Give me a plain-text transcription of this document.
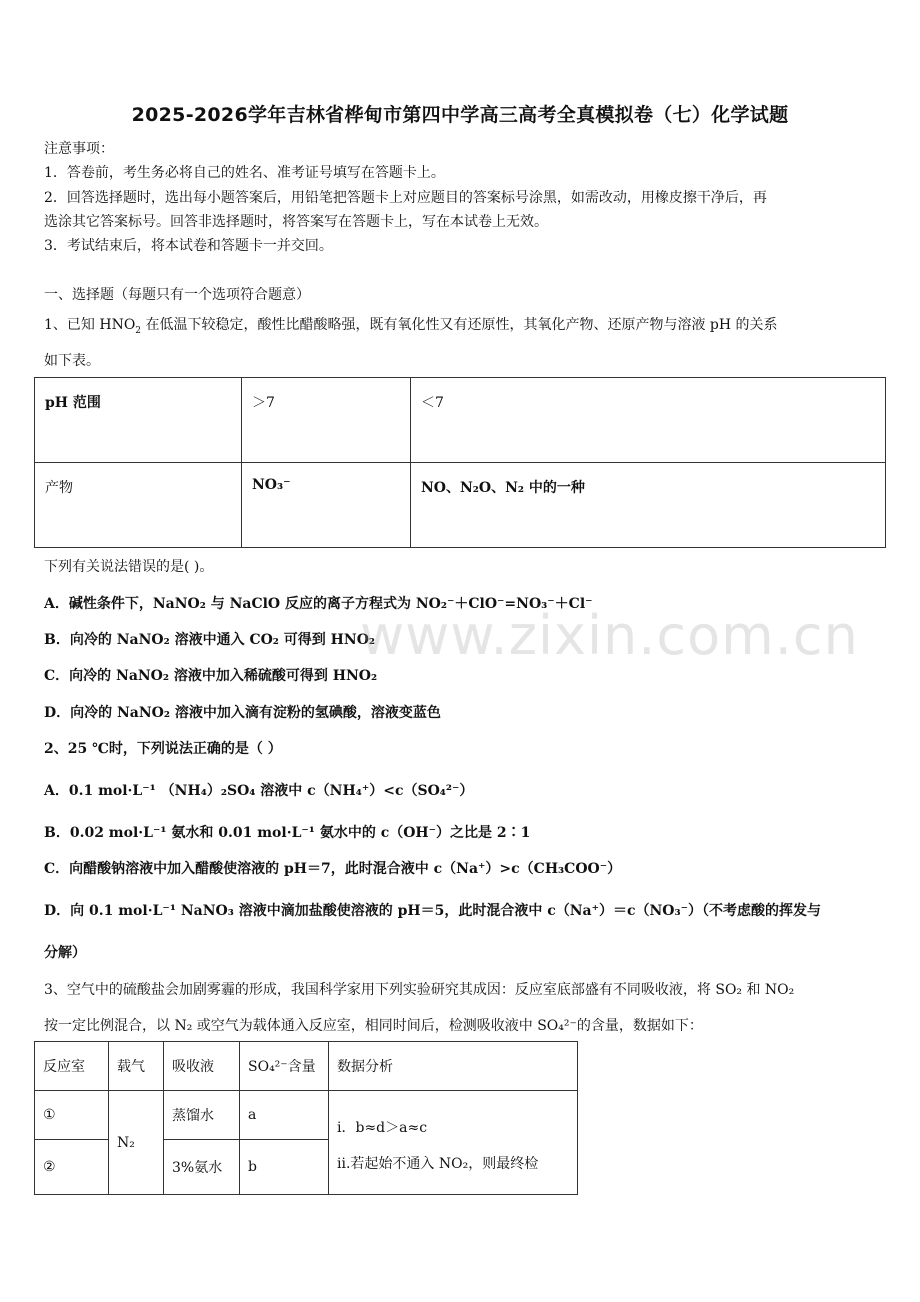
2025-2026学年吉林省桦甸市第四中学高三高考全真模拟卷（七）化学试题
注意事项：
1．答卷前，考生务必将自己的姓名、准考证号填写在答题卡上。
2．回答选择题时，选出每小题答案后，用铅笔把答题卡上对应题目的答案标号涂黑，如需改动，用橡皮擦干净后，再
选涂其它答案标号。回答非选择题时，将答案写在答题卡上，写在本试卷上无效。
3．考试结束后，将本试卷和答题卡一并交回。
一、选择题（每题只有一个选项符合题意）
1、已知 $HNO_2$ 在低温下较稳定，酸性比醋酸略强，既有氧化性又有还原性，其氧化产物、还原产物与溶液 pH 的关系
如下表。
pH 范围	＞7	＜7
产物	NO₃⁻	NO、N₂O、N₂ 中的一种
下列有关说法错误的是( )。
A．碱性条件下，NaNO₂ 与 NaClO 反应的离子方程式为 NO₂⁻＋ClO⁻=NO₃⁻＋Cl⁻
B．向冷的 NaNO₂ 溶液中通入 CO₂ 可得到 HNO₂
C．向冷的 NaNO₂ 溶液中加入稀硫酸可得到 HNO₂
D．向冷的 NaNO₂ 溶液中加入滴有淀粉的氢碘酸，溶液变蓝色
2、25 ℃时，下列说法正确的是（ ）
A．0.1 mol·L⁻¹ （NH₄）₂SO₄ 溶液中 c（NH₄⁺）<c（SO₄²⁻）
B．0.02 mol·L⁻¹ 氨水和 0.01 mol·L⁻¹ 氨水中的 c（OH⁻）之比是 2∶1
C．向醋酸钠溶液中加入醋酸使溶液的 pH＝7，此时混合液中 c（Na⁺）>c（CH₃COO⁻）
D．向 0.1 mol·L⁻¹ NaNO₃ 溶液中滴加盐酸使溶液的 pH＝5，此时混合液中 c（Na⁺）＝c（NO₃⁻）（不考虑酸的挥发与
分解）
3、空气中的硫酸盐会加剧雾霾的形成，我国科学家用下列实验研究其成因：反应室底部盛有不同吸收液，将 SO₂ 和 NO₂
按一定比例混合，以 N₂ 或空气为载体通入反应室，相同时间后，检测吸收液中 SO₄²⁻的含量，数据如下：
反应室	载气	吸收液	SO₄²⁻含量	数据分析
①	N₂	蒸馏水	a	ⅰ．b≈d＞a≈c
ⅱ.若起始不通入 NO₂，则最终检

②		3%氨水	b	
www.zixin.com.cn
